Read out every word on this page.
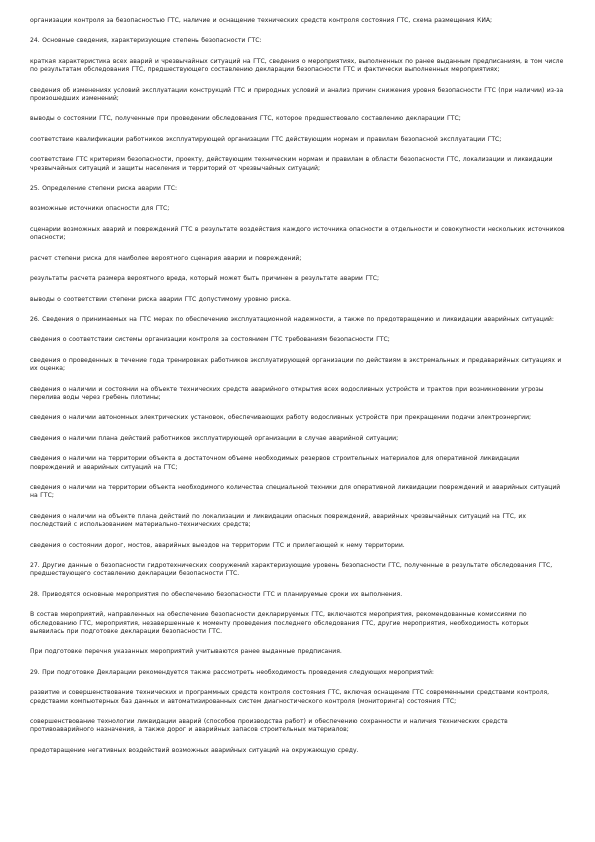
организации контроля за безопасностью ГТС, наличие и оснащение технических средств контроля состояния ГТС, схема размещения КИА;

24. Основные сведения, характеризующие степень безопасности ГТС:

краткая характеристика всех аварий и чрезвычайных ситуаций на ГТС, сведения о мероприятиях, выполненных по ранее выданным предписаниям, в том числе по результатам обследования ГТС, предшествующего составлению декларации безопасности ГТС и фактически выполненных мероприятиях;

сведения об изменениях условий эксплуатации конструкций ГТС и природных условий и анализ причин снижения уровня безопасности ГТС (при наличии) из-за произошедших изменений;

выводы о состоянии ГТС, полученные при проведении обследования ГТС, которое предшествовало составлению декларации ГТС;

соответствие квалификации работников эксплуатирующей организации ГТС действующим нормам и правилам безопасной эксплуатации ГТС;

соответствие ГТС критериям безопасности, проекту, действующим техническим нормам и правилам в области безопасности ГТС, локализации и ликвидации чрезвычайных ситуаций и защиты населения и территорий от чрезвычайных ситуаций;

25. Определение степени риска аварии ГТС:

возможные источники опасности для ГТС;

сценарии возможных аварий и повреждений ГТС в результате воздействия каждого источника опасности в отдельности и совокупности нескольких источников опасности;

расчет степени риска для наиболее вероятного сценария аварии и повреждений;

результаты расчета размера вероятного вреда, который может быть причинен в результате аварии ГТС;

выводы о соответствии степени риска аварии ГТС допустимому уровню риска.

26. Сведения о принимаемых на ГТС мерах по обеспечению эксплуатационной надежности, а также по предотвращению и ликвидации аварийных ситуаций:

сведения о соответствии системы организации контроля за состоянием ГТС требованиям безопасности ГТС;

сведения о проведенных в течение года тренировках работников эксплуатирующей организации по действиям в экстремальных и предаварийных ситуациях и их оценка;

сведения о наличии и состоянии на объекте технических средств аварийного открытия всех водосливных устройств и трактов при возникновении угрозы перелива воды через гребень плотины;

сведения о наличии автономных электрических установок, обеспечивающих работу водосливных устройств при прекращении подачи электроэнергии;

сведения о наличии плана действий работников эксплуатирующей организации в случае аварийной ситуации;

сведения о наличии на территории объекта в достаточном объеме необходимых резервов строительных материалов для оперативной ликвидации повреждений и аварийных ситуаций на ГТС;

сведения о наличии на территории объекта необходимого количества специальной техники для оперативной ликвидации повреждений и аварийных ситуаций на ГТС;

сведения о наличии на объекте плана действий по локализации и ликвидации опасных повреждений, аварийных чрезвычайных ситуаций на ГТС, их последствий с использованием материально-технических средств;

сведения о состоянии дорог, мостов, аварийных выездов на территории ГТС и прилегающей к нему территории.

27. Другие данные о безопасности гидротехнических сооружений характеризующие уровень безопасности ГТС, полученные в результате обследования ГТС, предшествующего составлению декларации безопасности ГТС.

28. Приводятся основные мероприятия по обеспечению безопасности ГТС и планируемые сроки их выполнения.

В состав мероприятий, направленных на обеспечение безопасности декларируемых ГТС, включаются мероприятия, рекомендованные комиссиями по обследованию ГТС, мероприятия, незавершенные к моменту проведения последнего обследования ГТС, другие мероприятия, необходимость которых выявилась при подготовке декларации безопасности ГТС.

При подготовке перечня указанных мероприятий учитываются ранее выданные предписания.

29. При подготовке Декларации рекомендуется также рассмотреть необходимость проведения следующих мероприятий:

развитие и совершенствование технических и программных средств контроля состояния ГТС, включая оснащение ГТС современными средствами контроля, средствами компьютерных баз данных и автоматизированных систем диагностического контроля (мониторинга) состояния ГТС;

совершенствование технологии ликвидации аварий (способов производства работ) и обеспечению сохранности и наличия технических средств противоаварийного назначения, а также дорог и аварийных запасов строительных материалов;

предотвращение негативных воздействий возможных аварийных ситуаций на окружающую среду.
